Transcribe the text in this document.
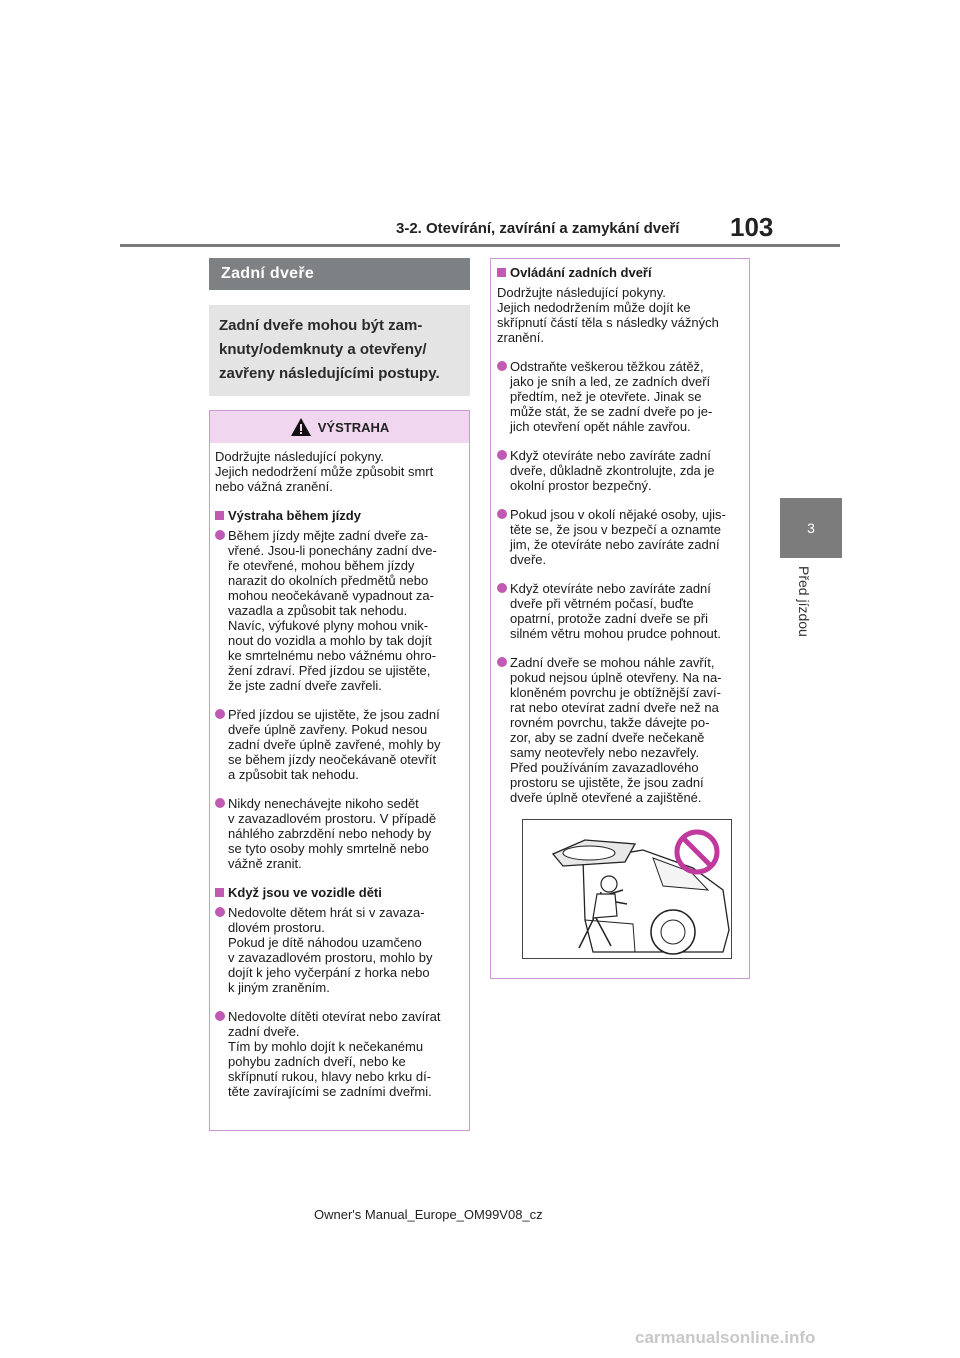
3-2. Otevírání, zavírání a zamykání dveří 103
3
Před jízdou
Zadní dveře
Zadní dveře mohou být zam-
knuty/odemknuty a otevřeny/
zavřeny následujícími postupy.
VÝSTRAHA
Dodržujte následující pokyny.
Jejich nedodržení může způsobit smrt
nebo vážná zranění.
Výstraha během jízdy
Během jízdy mějte zadní dveře za-
vřené. Jsou-li ponechány zadní dve-
ře otevřené, mohou během jízdy
narazit do okolních předmětů nebo
mohou neočekávaně vypadnout za-
vazadla a způsobit tak nehodu.
Navíc, výfukové plyny mohou vnik-
nout do vozidla a mohlo by tak dojít
ke smrtelnému nebo vážnému ohro-
žení zdraví. Před jízdou se ujistěte,
že jste zadní dveře zavřeli.
Před jízdou se ujistěte, že jsou zadní
dveře úplně zavřeny. Pokud nesou
zadní dveře úplně zavřené, mohly by
se během jízdy neočekávaně otevřít
a způsobit tak nehodu.
Nikdy nenechávejte nikoho sedět
v zavazadlovém prostoru. V případě
náhlého zabrzdění nebo nehody by
se tyto osoby mohly smrtelně nebo
vážně zranit.
Když jsou ve vozidle děti
Nedovolte dětem hrát si v zavaza-
dlovém prostoru.
Pokud je dítě náhodou uzamčeno
v zavazadlovém prostoru, mohlo by
dojít k jeho vyčerpání z horka nebo
k jiným zraněním.
Nedovolte dítěti otevírat nebo zavírat
zadní dveře.
Tím by mohlo dojít k nečekanému
pohybu zadních dveří, nebo ke
skřípnutí rukou, hlavy nebo krku dí-
těte zavírajícími se zadními dveřmi.
Ovládání zadních dveří
Dodržujte následující pokyny.
Jejich nedodržením může dojít ke
skřípnutí částí těla s následky vážných
zranění.
Odstraňte veškerou těžkou zátěž,
jako je sníh a led, ze zadních dveří
předtím, než je otevřete. Jinak se
může stát, že se zadní dveře po je-
jich otevření opět náhle zavřou.
Když otevíráte nebo zavíráte zadní
dveře, důkladně zkontrolujte, zda je
okolní prostor bezpečný.
Pokud jsou v okolí nějaké osoby, ujis-
těte se, že jsou v bezpečí a oznamte
jim, že otevíráte nebo zavíráte zadní
dveře.
Když otevíráte nebo zavíráte zadní
dveře při větrném počasí, buďte
opatrní, protože zadní dveře se při
silném větru mohou prudce pohnout.
Zadní dveře se mohou náhle zavřít,
pokud nejsou úplně otevřeny. Na na-
kloněném povrchu je obtížnější zaví-
rat nebo otevírat zadní dveře než na
rovném povrchu, takže dávejte po-
zor, aby se zadní dveře nečekaně
samy neotevřely nebo nezavřely.
Před používáním zavazadlového
prostoru se ujistěte, že jsou zadní
dveře úplně otevřené a zajištěné.
Owner's Manual_Europe_OM99V08_cz
carmanualsonline.info
